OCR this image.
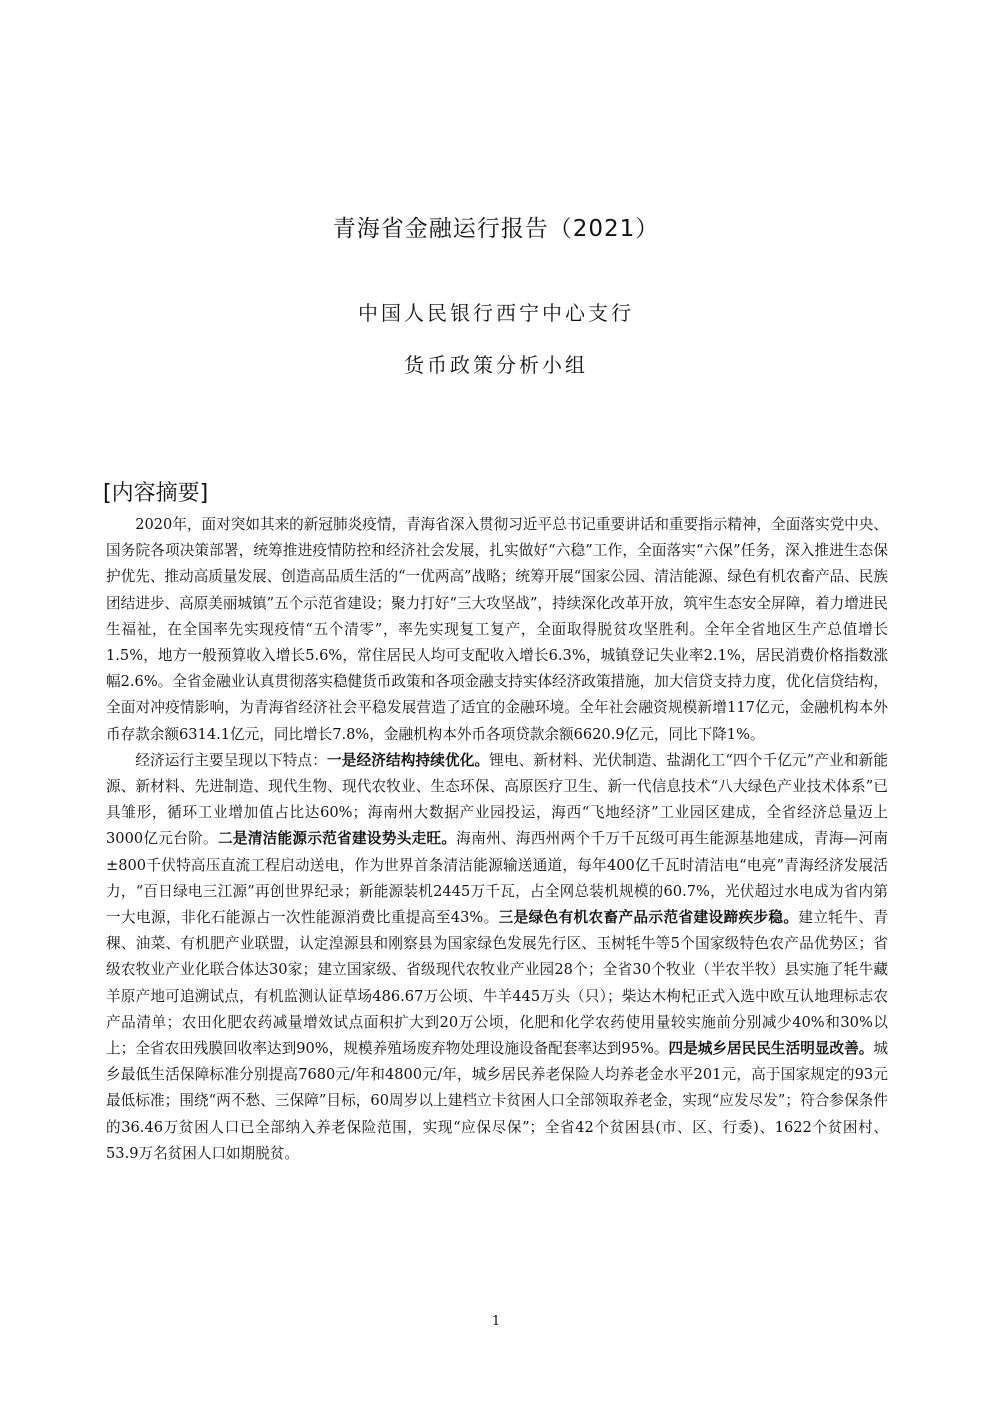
青海省金融运行报告（2021）
中国人民银行西宁中心支行
货币政策分析小组
[内容摘要]

2020年，面对突如其来的新冠肺炎疫情，青海省深入贯彻习近平总书记重要讲话和重要指示精神，全面落实党中央、国务院各项决策部署，统筹推进疫情防控和经济社会发展，扎实做好“六稳”工作，全面落实“六保”任务，深入推进生态保护优先、推动高质量发展、创造高品质生活的“一优两高”战略；统筹开展“国家公园、清洁能源、绿色有机农畜产品、民族团结进步、高原美丽城镇”五个示范省建设；聚力打好“三大攻坚战”，持续深化改革开放，筑牢生态安全屏障，着力增进民生福祉，在全国率先实现疫情“五个清零”，率先实现复工复产，全面取得脱贫攻坚胜利。全年全省地区生产总值增长1.5%，地方一般预算收入增长5.6%，常住居民人均可支配收入增长6.3%，城镇登记失业率2.1%，居民消费价格指数涨幅2.6%。全省金融业认真贯彻落实稳健货币政策和各项金融支持实体经济政策措施，加大信贷支持力度，优化信贷结构，全面对冲疫情影响，为青海省经济社会平稳发展营造了适宜的金融环境。全年社会融资规模新增117亿元，金融机构本外币存款余额6314.1亿元，同比增长7.8%，金融机构本外币各项贷款余额6620.9亿元，同比下降1%。

经济运行主要呈现以下特点：一是经济结构持续优化。锂电、新材料、光伏制造、盐湖化工“四个千亿元”产业和新能源、新材料、先进制造、现代生物、现代农牧业、生态环保、高原医疗卫生、新一代信息技术“八大绿色产业技术体系”已具雏形，循环工业增加值占比达60%；海南州大数据产业园投运，海西“飞地经济”工业园区建成，全省经济总量迈上3000亿元台阶。二是清洁能源示范省建设势头走旺。海南州、海西州两个千万千瓦级可再生能源基地建成，青海—河南±800千伏特高压直流工程启动送电，作为世界首条清洁能源输送通道，每年400亿千瓦时清洁电“电亮”青海经济发展活力，“百日绿电三江源”再创世界纪录；新能源装机2445万千瓦，占全网总装机规模的60.7%，光伏超过水电成为省内第一大电源，非化石能源占一次性能源消费比重提高至43%。三是绿色有机农畜产品示范省建设蹄疾步稳。建立牦牛、青稞、油菜、有机肥产业联盟，认定湟源县和刚察县为国家绿色发展先行区、玉树牦牛等5个国家级特色农产品优势区；省级农牧业产业化联合体达30家；建立国家级、省级现代农牧业产业园28个；全省30个牧业（半农半牧）县实施了牦牛藏羊原产地可追溯试点，有机监测认证草场486.67万公顷、牛羊445万头（只）；柴达木枸杞正式入选中欧互认地理标志农产品清单；农田化肥农药减量增效试点面积扩大到20万公顷，化肥和化学农药使用量较实施前分别减少40%和30%以上；全省农田残膜回收率达到90%，规模养殖场废弃物处理设施设备配套率达到95%。四是城乡居民民生活明显改善。城乡最低生活保障标准分别提高7680元/年和4800元/年，城乡居民养老保险人均养老金水平201元，高于国家规定的93元最低标准；围绕“两不愁、三保障”目标，60周岁以上建档立卡贫困人口全部领取养老金，实现“应发尽发”；符合参保条件的36.46万贫困人口已全部纳入养老保险范围，实现“应保尽保”；全省42个贫困县(市、区、行委)、1622个贫困村、53.9万名贫困人口如期脱贫。

1
